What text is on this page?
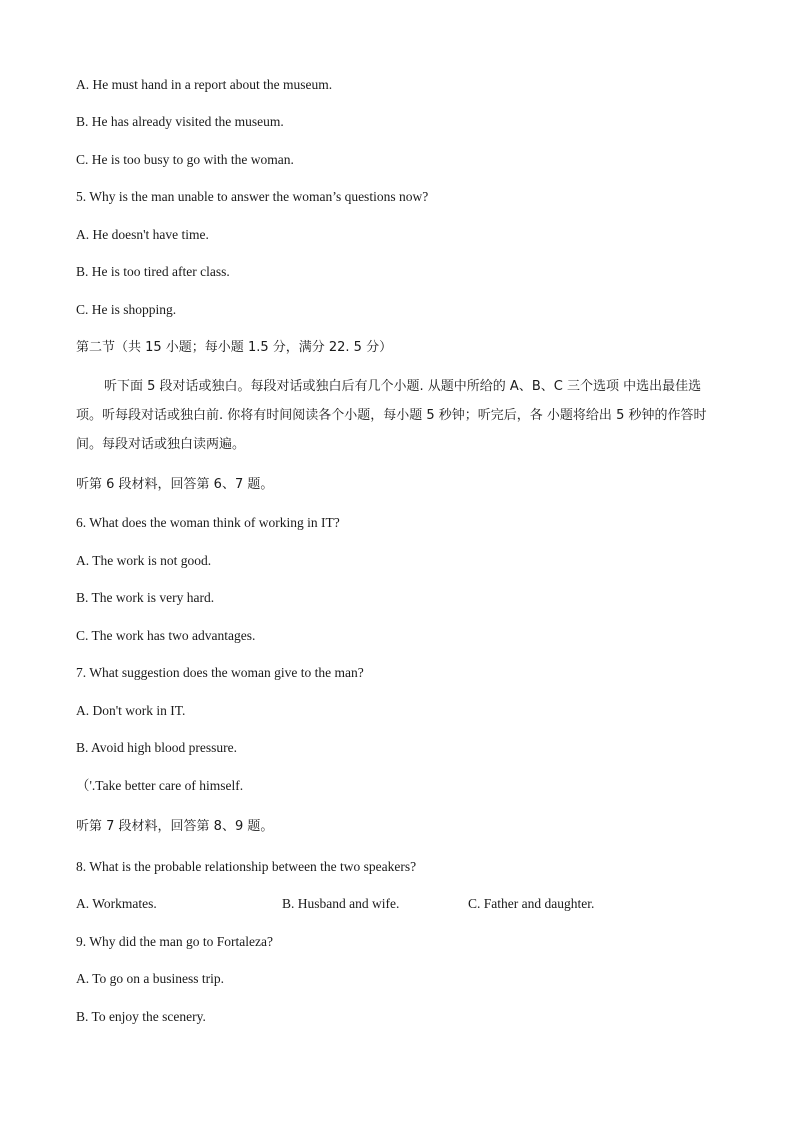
A. He must hand in a report about the museum.
B. He has already visited the museum.
C. He is too busy to go with the woman.
5. Why is the man unable to answer the woman’s questions now?
A. He doesn't have time.
B. He is too tired after class.
C. He is shopping.
第二节（共 15 小题；每小题 1.5 分，满分 22. 5 分）
听下面 5 段对话或独白。每段对话或独白后有几个小题. 从题中所给的 A、B、C 三个选项 中选出最佳选项。听每段对话或独白前. 你将有时间阅读各个小题，每小题 5 秒钟；听完后，各 小题将给出 5 秒钟的作答时间。每段对话或独白读两遍。
听第 6 段材料，回答第 6、7 题。
6. What does the woman think of working in IT?
A. The work is not good.
B. The work is very hard.
C. The work has two advantages.
7. What suggestion does the woman give to the man?
A. Don't work in IT.
B. Avoid high blood pressure.
（'.Take better care of himself.
听第 7 段材料，回答第 8、9 题。
8. What is the probable relationship between the two speakers?
A. Workmates.	B. Husband and wife.	C. Father and daughter.
9. Why did the man go to Fortaleza?
A. To go on a business trip.
B. To enjoy the scenery.
